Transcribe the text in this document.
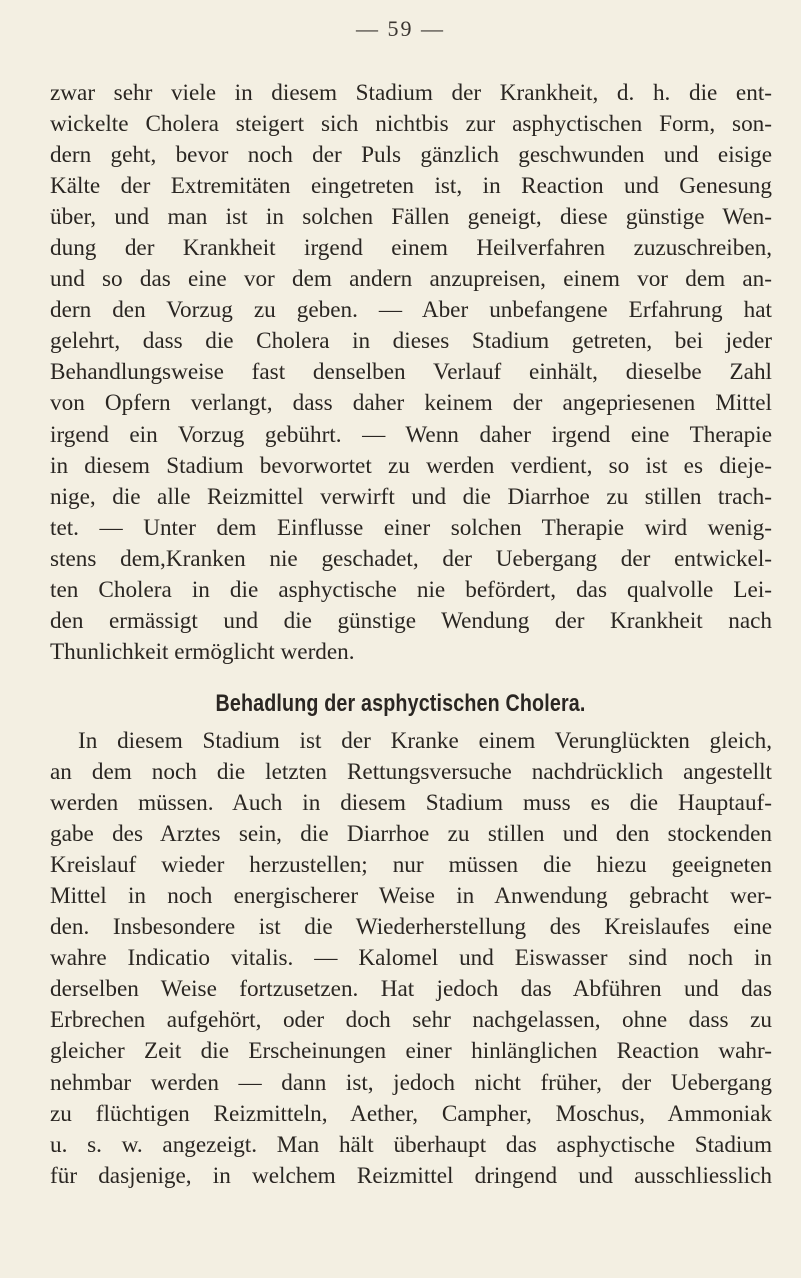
— 59 —
zwar sehr viele in diesem Stadium der Krankheit, d. h. die ent-
wickelte Cholera steigert sich nichtbis zur asphyctischen Form, son-
dern geht, bevor noch der Puls gänzlich geschwunden und eisige
Kälte der Extremitäten eingetreten ist, in Reaction und Genesung
über, und man ist in solchen Fällen geneigt, diese günstige Wen-
dung der Krankheit irgend einem Heilverfahren zuzuschreiben,
und so das eine vor dem andern anzupreisen, einem vor dem an-
dern den Vorzug zu geben. — Aber unbefangene Erfahrung hat
gelehrt, dass die Cholera in dieses Stadium getreten, bei jeder
Behandlungsweise fast denselben Verlauf einhält, dieselbe Zahl
von Opfern verlangt, dass daher keinem der angepriesenen Mittel
irgend ein Vorzug gebührt. — Wenn daher irgend eine Therapie
in diesem Stadium bevorwortet zu werden verdient, so ist es dieje-
nige, die alle Reizmittel verwirft und die Diarrhoe zu stillen trach-
tet. — Unter dem Einflusse einer solchen Therapie wird wenig-
stens dem,Kranken nie geschadet, der Uebergang der entwickel-
ten Cholera in die asphyctische nie befördert, das qualvolle Lei-
den ermässigt und die günstige Wendung der Krankheit nach
Thunlichkeit ermöglicht werden.
Behadlung der asphyctischen Cholera.
In diesem Stadium ist der Kranke einem Verunglückten gleich,
an dem noch die letzten Rettungsversuche nachdrücklich angestellt
werden müssen. Auch in diesem Stadium muss es die Hauptauf-
gabe des Arztes sein, die Diarrhoe zu stillen und den stockenden
Kreislauf wieder herzustellen; nur müssen die hiezu geeigneten
Mittel in noch energischerer Weise in Anwendung gebracht wer-
den. Insbesondere ist die Wiederherstellung des Kreislaufes eine
wahre Indicatio vitalis. — Kalomel und Eiswasser sind noch in
derselben Weise fortzusetzen. Hat jedoch das Abführen und das
Erbrechen aufgehört, oder doch sehr nachgelassen, ohne dass zu
gleicher Zeit die Erscheinungen einer hinlänglichen Reaction wahr-
nehmbar werden — dann ist, jedoch nicht früher, der Uebergang
zu flüchtigen Reizmitteln, Aether, Campher, Moschus, Ammoniak
u. s. w. angezeigt. Man hält überhaupt das asphyctische Stadium
für dasjenige, in welchem Reizmittel dringend und ausschliesslich
